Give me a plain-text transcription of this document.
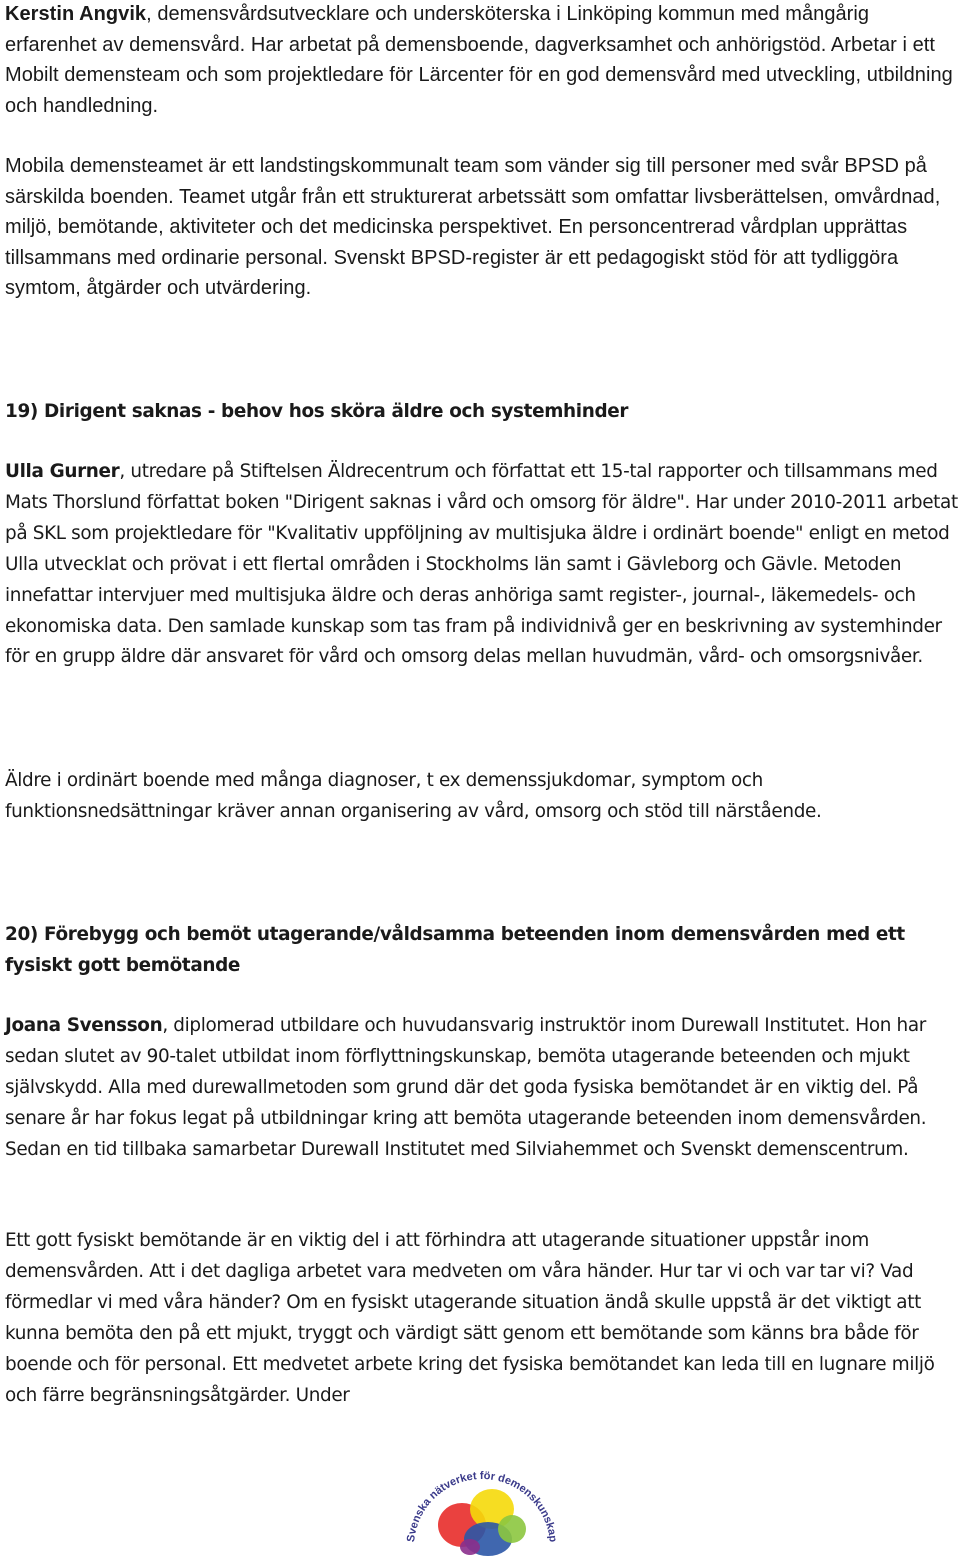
Kerstin Angvik, demensvårdsutvecklare och undersköterska i Linköping kommun med mångårig erfarenhet av demensvård. Har arbetat på demensboende, dagverksamhet och anhörigstöd. Arbetar i ett Mobilt demensteam och som projektledare för Lärcenter för en god demensvård med utveckling, utbildning och handledning.

Mobila demensteamet är ett landstingskommunalt team som vänder sig till personer med svår BPSD på särskilda boenden. Teamet utgår från ett strukturerat arbetssätt som omfattar livsberättelsen, omvårdnad, miljö, bemötande, aktiviteter och det medicinska perspektivet. En personcentrerad vårdplan upprättas tillsammans med ordinarie personal. Svenskt BPSD-register är ett pedagogiskt stöd för att tydliggöra symtom, åtgärder och utvärdering.

19) Dirigent saknas - behov hos sköra äldre och systemhinder

Ulla Gurner, utredare på Stiftelsen Äldrecentrum och författat ett 15-tal rapporter och tillsammans med Mats Thorslund författat boken "Dirigent saknas i vård och omsorg för äldre". Har under 2010-2011 arbetat på SKL som projektledare för "Kvalitativ uppföljning av multisjuka äldre i ordinärt boende" enligt en metod Ulla utvecklat och prövat i ett flertal områden i Stockholms län samt i Gävleborg och Gävle. Metoden innefattar intervjuer med multisjuka äldre och deras anhöriga samt register-, journal-, läkemedels- och ekonomiska data. Den samlade kunskap som tas fram på individnivå ger en beskrivning av systemhinder för en grupp äldre där ansvaret för vård och omsorg delas mellan huvudmän, vård- och omsorgsnivåer.

Äldre i ordinärt boende med många diagnoser, t ex demenssjukdomar, symptom och funktionsnedsättningar kräver annan organisering av vård, omsorg och stöd till närstående.

20) Förebygg och bemöt utagerande/våldsamma beteenden inom demensvården med ett fysiskt gott bemötande

Joana Svensson, diplomerad utbildare och huvudansvarig instruktör inom Durewall Institutet. Hon har sedan slutet av 90-talet utbildat inom förflyttningskunskap, bemöta utagerande beteenden och mjukt självskydd. Alla med durewallmetoden som grund där det goda fysiska bemötandet är en viktig del. På senare år har fokus legat på utbildningar kring att bemöta utagerande beteenden inom demensvården. Sedan en tid tillbaka samarbetar Durewall Institutet med Silviahemmet och Svenskt demenscentrum.

Ett gott fysiskt bemötande är en viktig del i att förhindra att utagerande situationer uppstår inom demensvården. Att i det dagliga arbetet vara medveten om våra händer. Hur tar vi och var tar vi? Vad förmedlar vi med våra händer? Om en fysiskt utagerande situation ändå skulle uppstå är det viktigt att kunna bemöta den på ett mjukt, tryggt och värdigt sätt genom ett bemötande som känns bra både för boende och för personal. Ett medvetet arbete kring det fysiska bemötandet kan leda till en lugnare miljö och färre begränsningsåtgärder. Under

Svenska nätverket för demenskunskap
